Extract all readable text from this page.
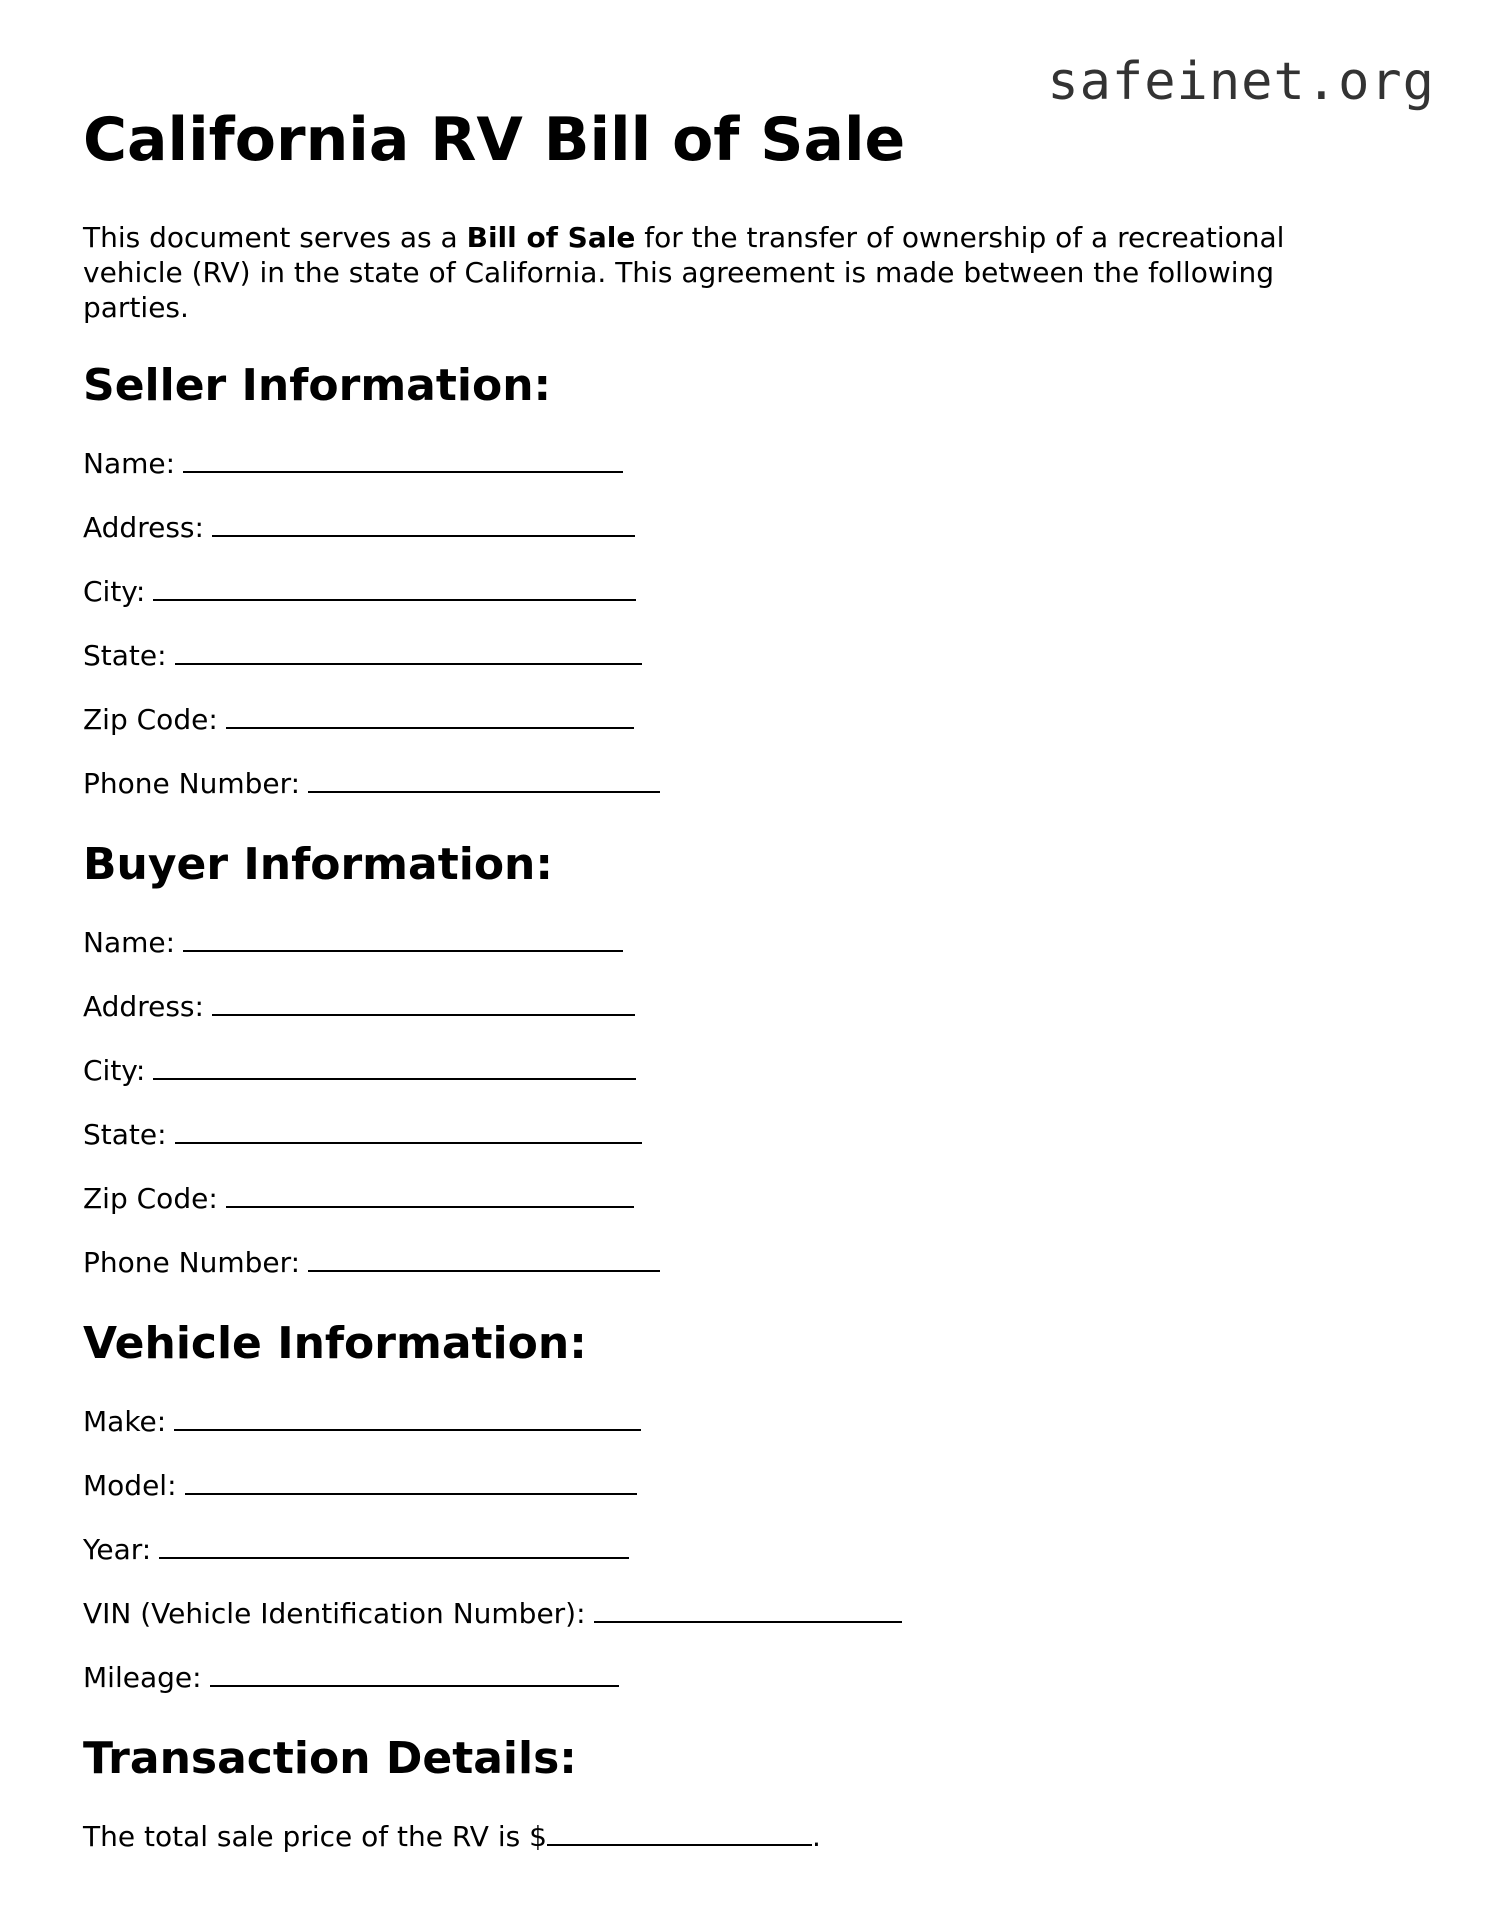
safeinet.org
California RV Bill of Sale

This document serves as a Bill of Sale for the transfer of ownership of a recreational vehicle (RV) in the state of California. This agreement is made between the following parties.

Seller Information:
Name:
Address:
City:
State:
Zip Code:
Phone Number:
Buyer Information:
Name:
Address:
City:
State:
Zip Code:
Phone Number:
Vehicle Information:
Make:
Model:
Year:
VIN (Vehicle Identification Number):
Mileage:
Transaction Details:
The total sale price of the RV is $	.
